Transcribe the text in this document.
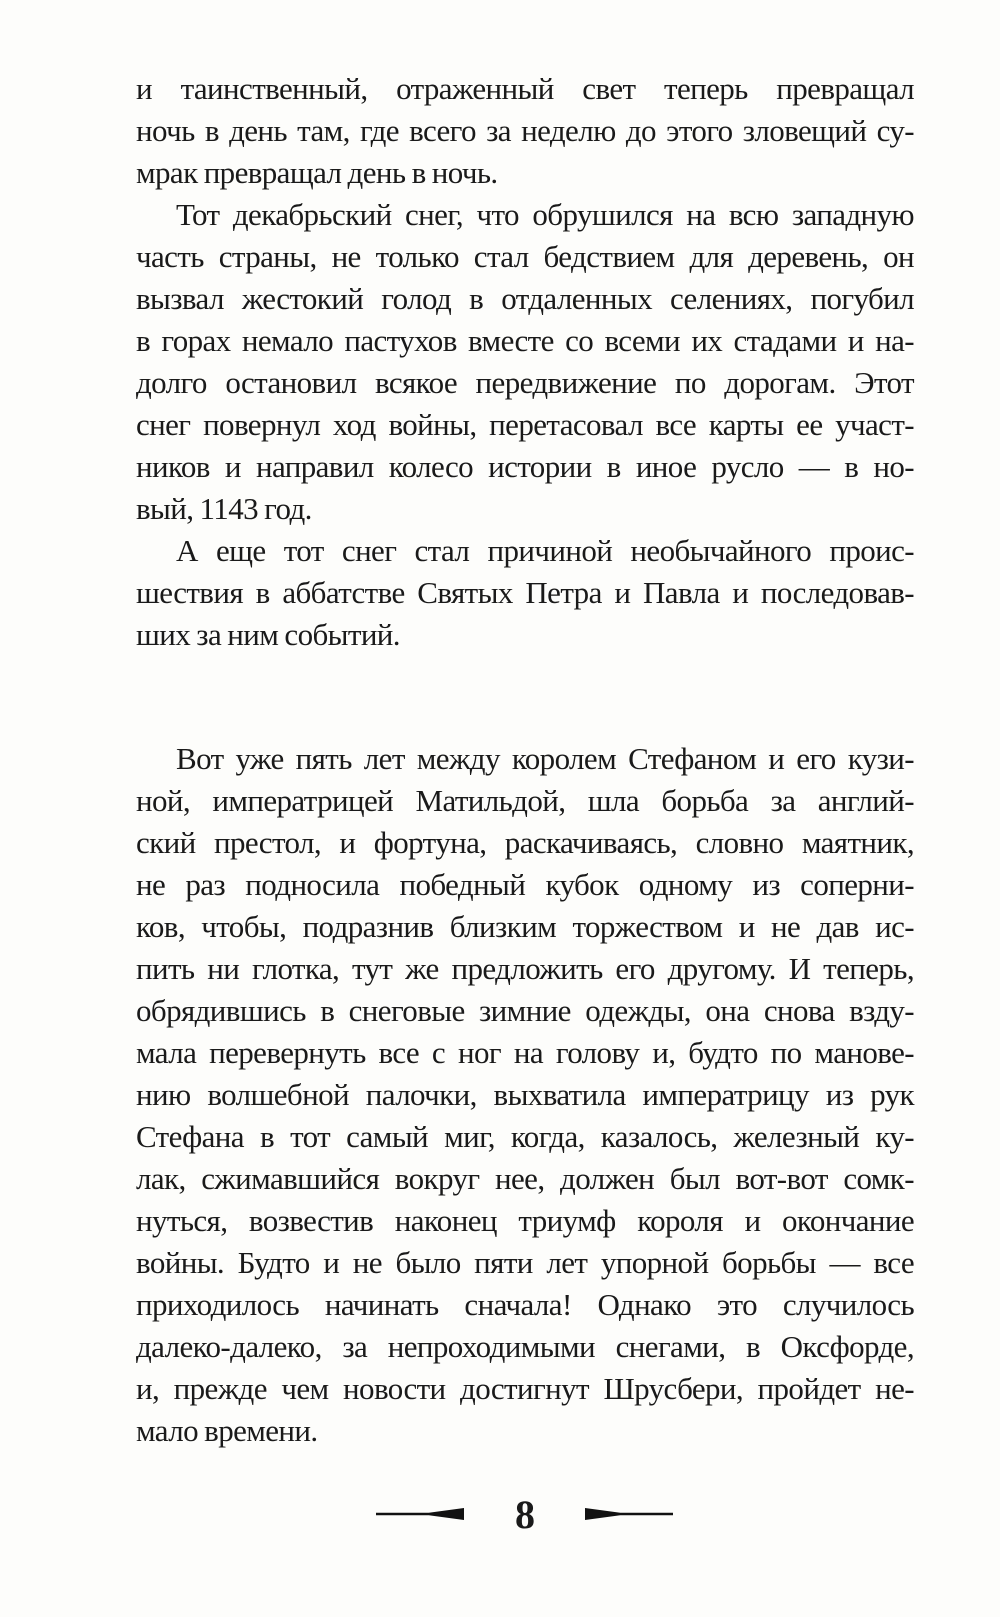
и таинственный, отраженный свет теперь превращал
ночь в день там, где всего за неделю до этого зловещий су-
мрак превращал день в ночь.
Тот декабрьский снег, что обрушился на всю западную
часть страны, не только стал бедствием для деревень, он
вызвал жестокий голод в отдаленных селениях, погубил
в горах немало пастухов вместе со всеми их стадами и на-
долго остановил всякое передвижение по дорогам. Этот
снег повернул ход войны, перетасовал все карты ее участ-
ников и направил колесо истории в иное русло — в но-
вый, 1143 год.
А еще тот снег стал причиной необычайного проис-
шествия в аббатстве Святых Петра и Павла и последовав-
ших за ним событий.
Вот уже пять лет между королем Стефаном и его кузи-
ной, императрицей Матильдой, шла борьба за англий-
ский престол, и фортуна, раскачиваясь, словно маятник,
не раз подносила победный кубок одному из соперни-
ков, чтобы, подразнив близким торжеством и не дав ис-
пить ни глотка, тут же предложить его другому. И теперь,
обрядившись в снеговые зимние одежды, она снова взду-
мала перевернуть все с ног на голову и, будто по манове-
нию волшебной палочки, выхватила императрицу из рук
Стефана в тот самый миг, когда, казалось, железный ку-
лак, сжимавшийся вокруг нее, должен был вот-вот сомк-
нуться, возвестив наконец триумф короля и окончание
войны. Будто и не было пяти лет упорной борьбы — все
приходилось начинать сначала! Однако это случилось
далеко-далеко, за непроходимыми снегами, в Оксфорде,
и, прежде чем новости достигнут Шрусбери, пройдет не-
мало времени.
8
